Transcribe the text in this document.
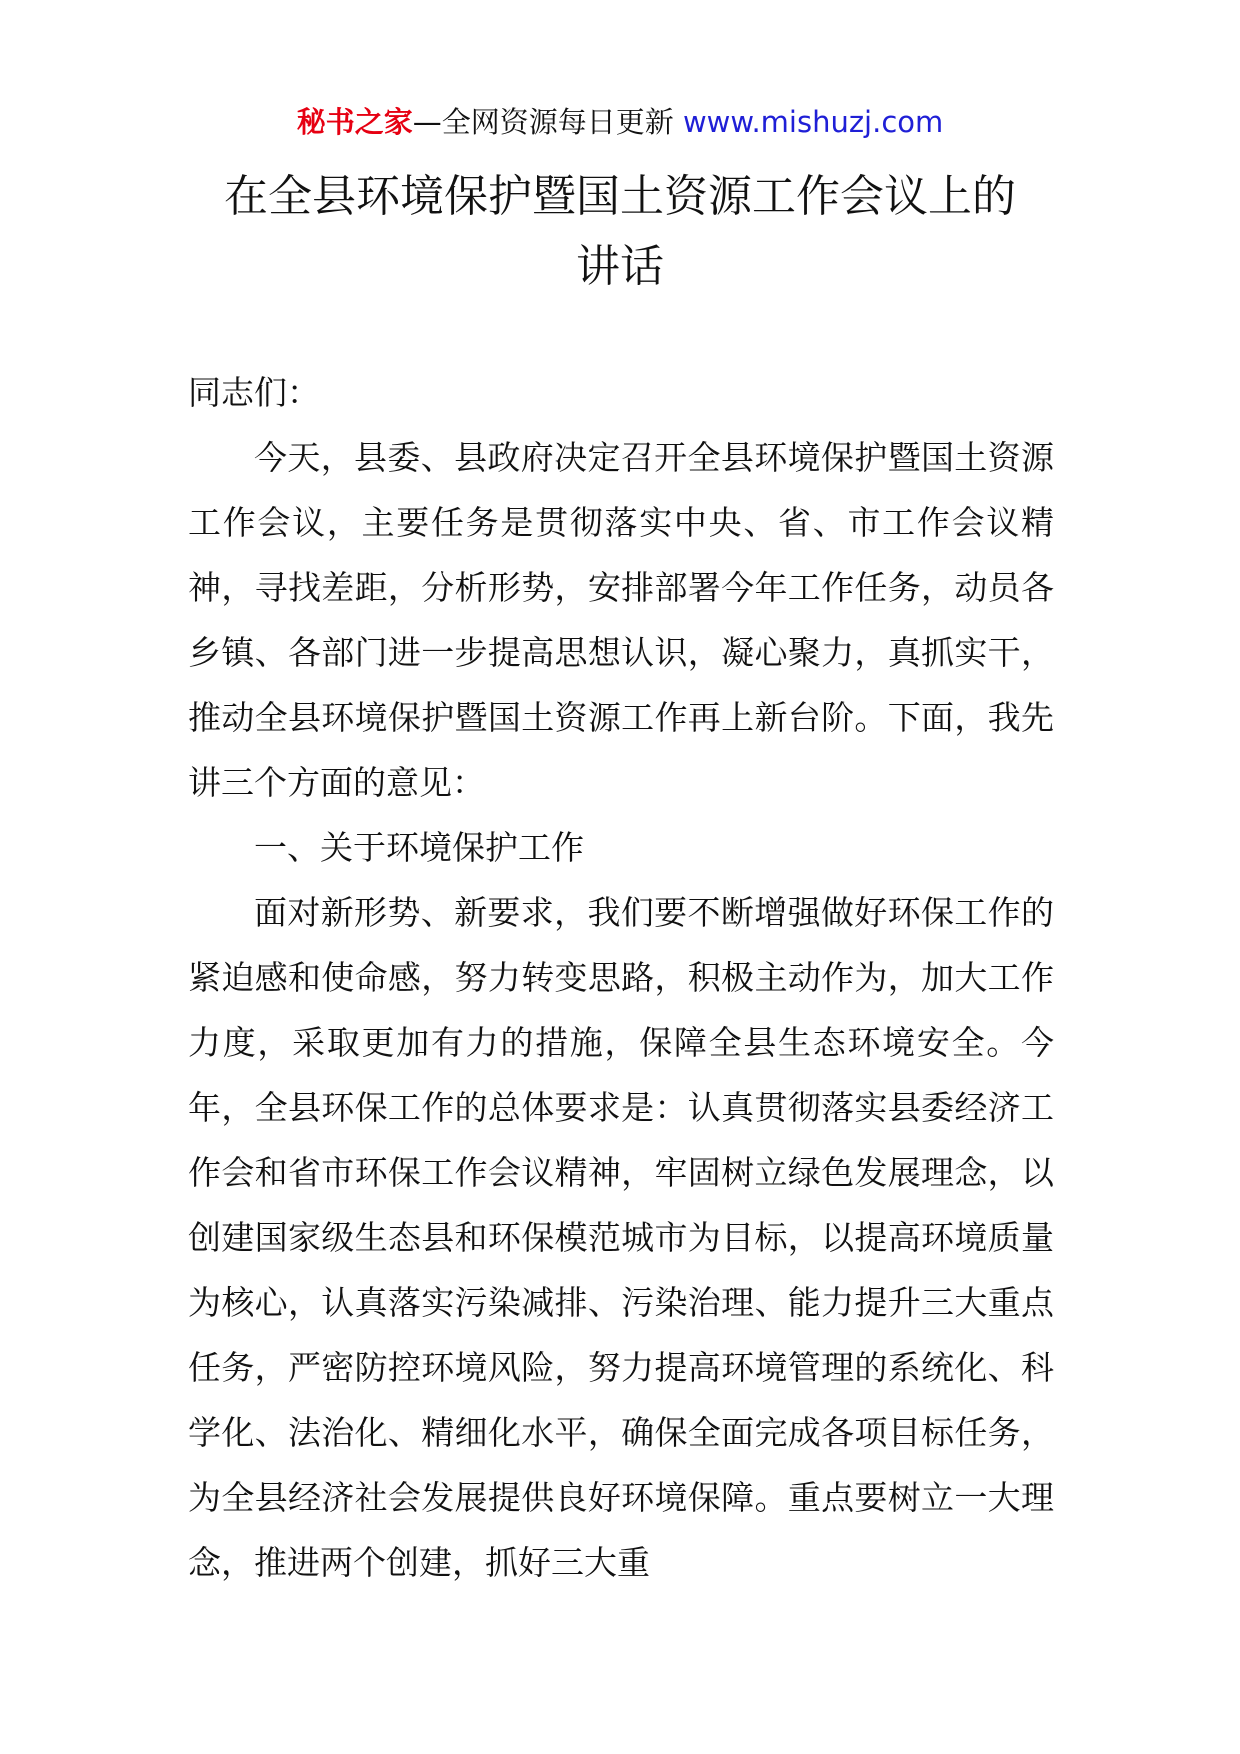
秘书之家—全网资源每日更新 www.mishuzj.com
在全县环境保护暨国土资源工作会议上的
讲话

同志们：

今天，县委、县政府决定召开全县环境保护暨国土资源工作会议，主要任务是贯彻落实中央、省、市工作会议精神，寻找差距，分析形势，安排部署今年工作任务，动员各乡镇、各部门进一步提高思想认识，凝心聚力，真抓实干，推动全县环境保护暨国土资源工作再上新台阶。下面，我先讲三个方面的意见：

一、关于环境保护工作

面对新形势、新要求，我们要不断增强做好环保工作的紧迫感和使命感，努力转变思路，积极主动作为，加大工作力度，采取更加有力的措施，保障全县生态环境安全。今年，全县环保工作的总体要求是：认真贯彻落实县委经济工作会和省市环保工作会议精神，牢固树立绿色发展理念，以创建国家级生态县和环保模范城市为目标，以提高环境质量为核心，认真落实污染减排、污染治理、能力提升三大重点任务，严密防控环境风险，努力提高环境管理的系统化、科学化、法治化、精细化水平，确保全面完成各项目标任务，为全县经济社会发展提供良好环境保障。重点要树立一大理念，推进两个创建，抓好三大重
